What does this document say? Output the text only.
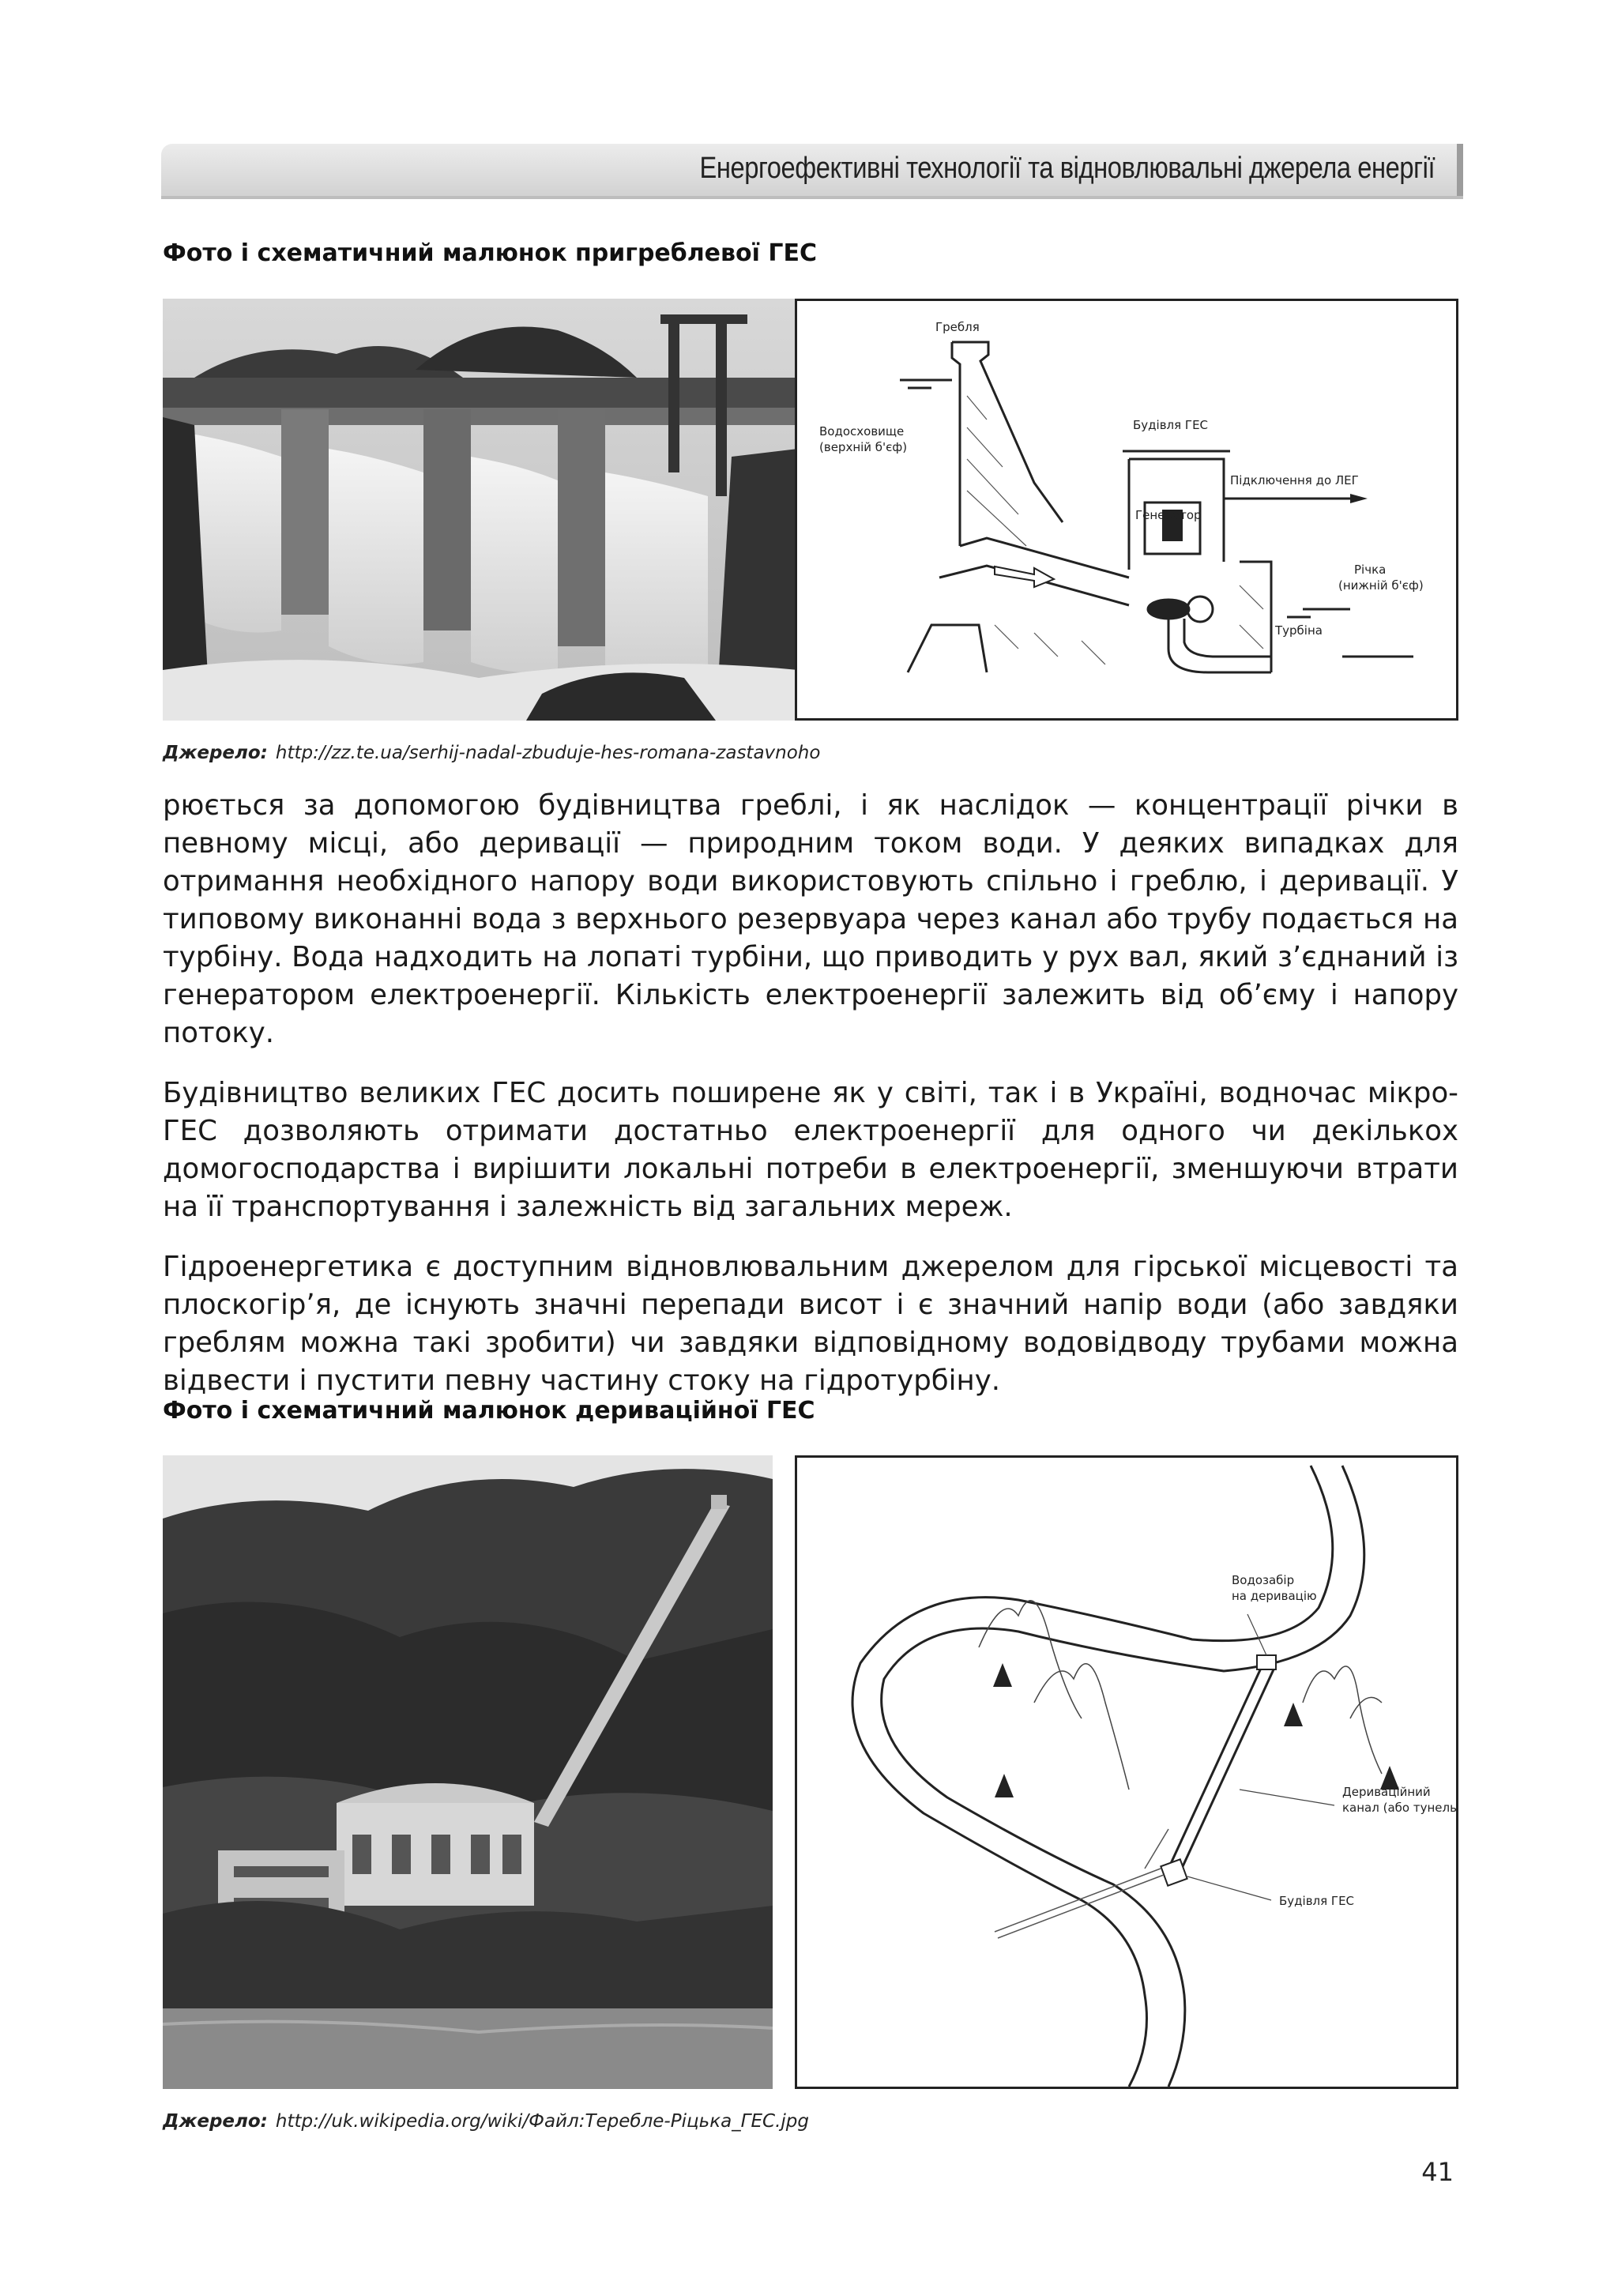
Енергоефективні технології та відновлювальні джерела енергії
Фото і схематичний малюнок пригреблевої ГЕС
Гребля
Водосховище
(верхній б'єф)
Будівля ГЕС
Підключення до ЛЕГ
Генератор
Річка
(нижній б'єф)
Турбіна
Джерело: http://zz.te.ua/serhij-nadal-zbuduje-hes-romana-zastavnoho

рюється за допомогою будівництва греблі, і як наслідок — концентрації річки в певному місці, або деривації — природним током води. У деяких випадках для отримання необхідного напору води використовують спільно і греблю, і деривації. У типовому виконанні вода з верхнього резервуара через канал або трубу подається на турбіну. Вода надходить на лопаті турбіни, що приводить у рух вал, який з’єднаний із генератором електроенергії. Кількість електроенергії залежить від об’єму і напору потоку.

Будівництво великих ГЕС досить поширене як у світі, так і в Україні, водночас мікро-ГЕС дозволяють отримати достатньо електроенергії для одного чи декількох домогосподарства і вирішити локальні потреби в електроенергії, зменшуючи втрати на її транспортування і залежність від загальних мереж.

Гідроенергетика є доступним відновлювальним джерелом для гірської місцевості та плоскогір’я, де існують значні перепади висот і є значний напір води (або завдяки греблям можна такі зробити) чи завдяки відповідному водовідводу трубами можна відвести і пустити певну частину стоку на гідротурбіну.

Фото і схематичний малюнок дериваційної ГЕС
Водозабір
на деривацію
Дериваційний
канал (або тунель)
Будівля ГЕС
Джерело: http://uk.wikipedia.org/wiki/Файл:Теребле-Ріцька_ГЕС.jpg
41
